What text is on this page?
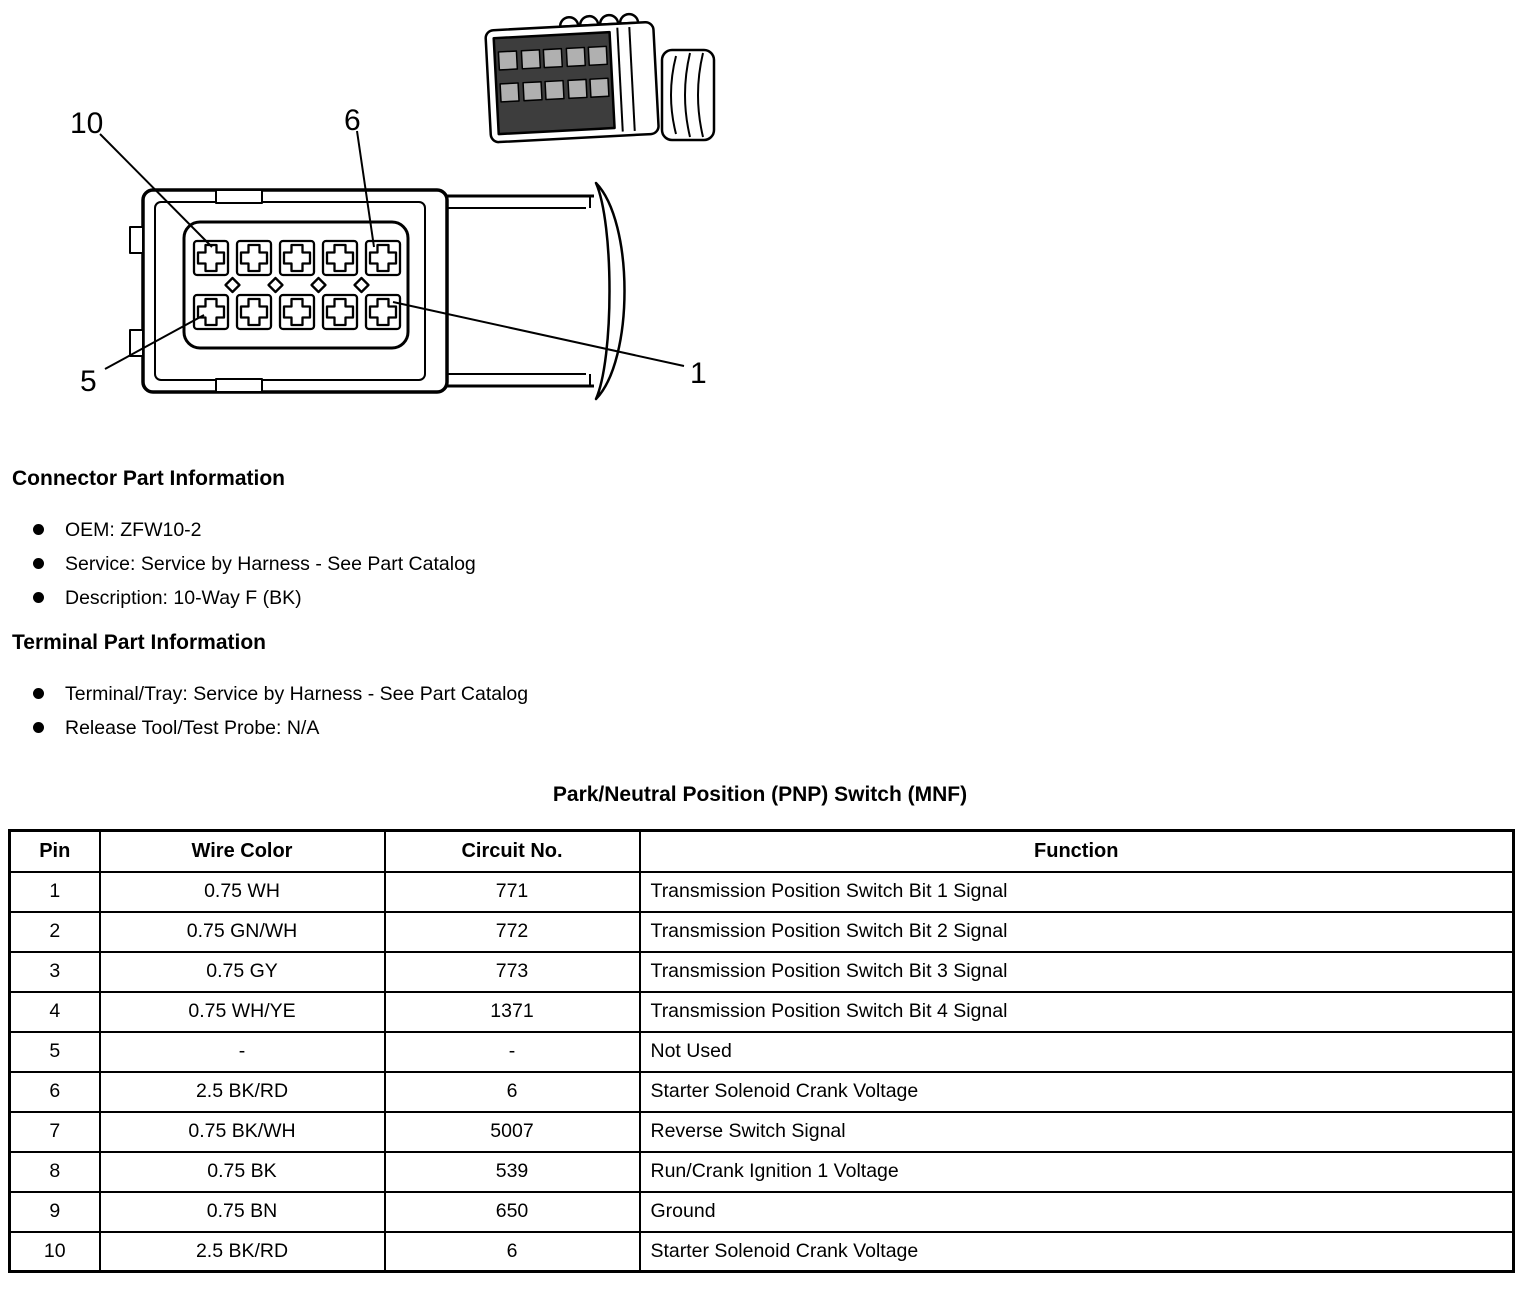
10	6
5	1
Connector Part Information
OEM: ZFW10-2
Service: Service by Harness - See Part Catalog
Description: 10-Way F (BK)
Terminal Part Information
Terminal/Tray: Service by Harness - See Part Catalog
Release Tool/Test Probe: N/A
Park/Neutral Position (PNP) Switch (MNF)
Pin	Wire Color	Circuit No.	Function
1	0.75 WH	771	Transmission Position Switch Bit 1 Signal
2	0.75 GN/WH	772	Transmission Position Switch Bit 2 Signal
3	0.75 GY	773	Transmission Position Switch Bit 3 Signal
4	0.75 WH/YE	1371	Transmission Position Switch Bit 4 Signal
5	-	-	Not Used
6	2.5 BK/RD	6	Starter Solenoid Crank Voltage
7	0.75 BK/WH	5007	Reverse Switch Signal
8	0.75 BK	539	Run/Crank Ignition 1 Voltage
9	0.75 BN	650	Ground
10	2.5 BK/RD	6	Starter Solenoid Crank Voltage
